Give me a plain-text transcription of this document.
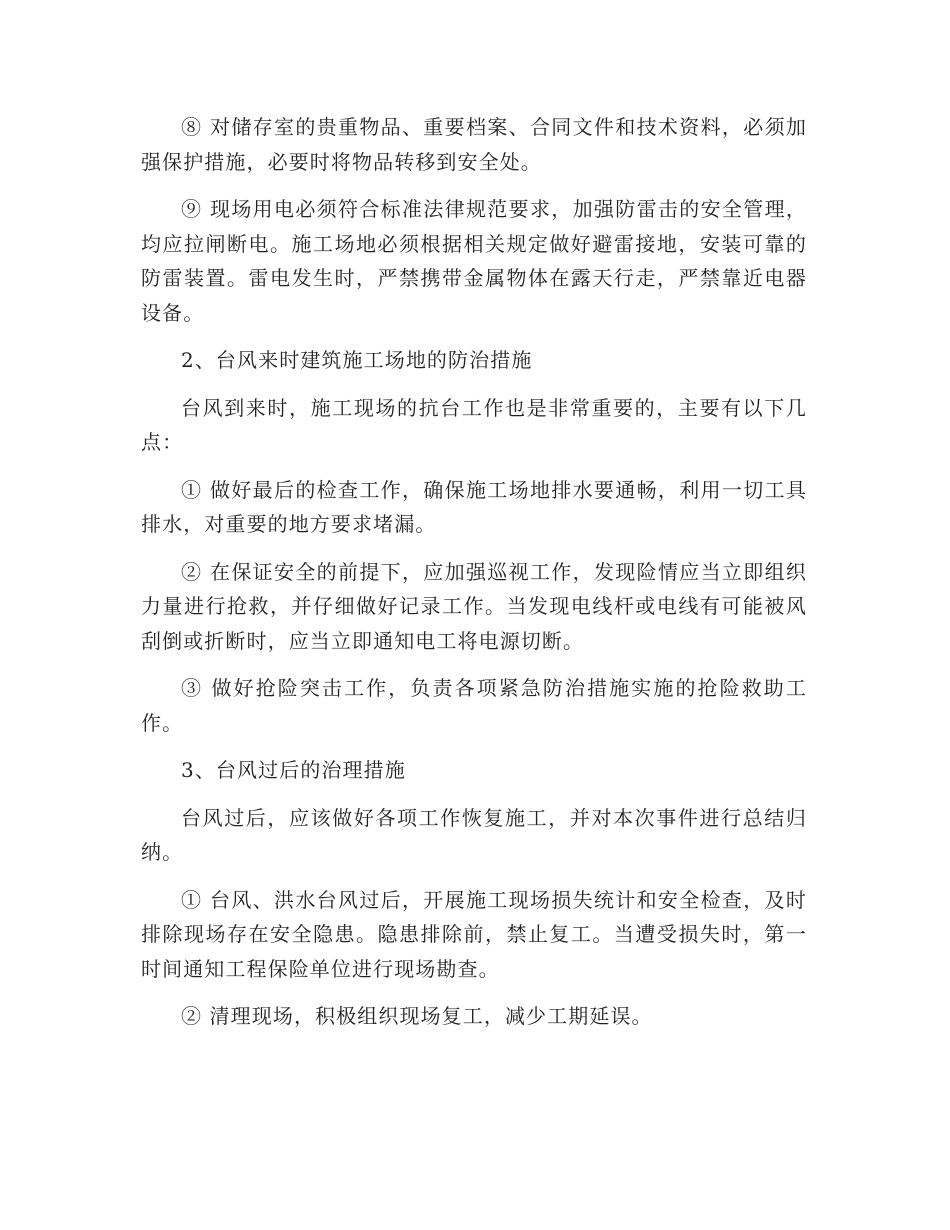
⑧ 对储存室的贵重物品、重要档案、合同文件和技术资料，必须加强保护措施，必要时将物品转移到安全处。

⑨ 现场用电必须符合标准法律规范要求，加强防雷击的安全管理，均应拉闸断电。施工场地必须根据相关规定做好避雷接地，安装可靠的防雷装置。雷电发生时，严禁携带金属物体在露天行走，严禁靠近电器设备。

2、台风来时建筑施工场地的防治措施

台风到来时，施工现场的抗台工作也是非常重要的，主要有以下几点：

① 做好最后的检查工作，确保施工场地排水要通畅，利用一切工具排水，对重要的地方要求堵漏。

② 在保证安全的前提下，应加强巡视工作，发现险情应当立即组织力量进行抢救，并仔细做好记录工作。当发现电线杆或电线有可能被风刮倒或折断时，应当立即通知电工将电源切断。

③ 做好抢险突击工作，负责各项紧急防治措施实施的抢险救助工作。

3、台风过后的治理措施

台风过后，应该做好各项工作恢复施工，并对本次事件进行总结归纳。

① 台风、洪水台风过后，开展施工现场损失统计和安全检查，及时排除现场存在安全隐患。隐患排除前，禁止复工。当遭受损失时，第一时间通知工程保险单位进行现场勘查。

② 清理现场，积极组织现场复工，减少工期延误。
